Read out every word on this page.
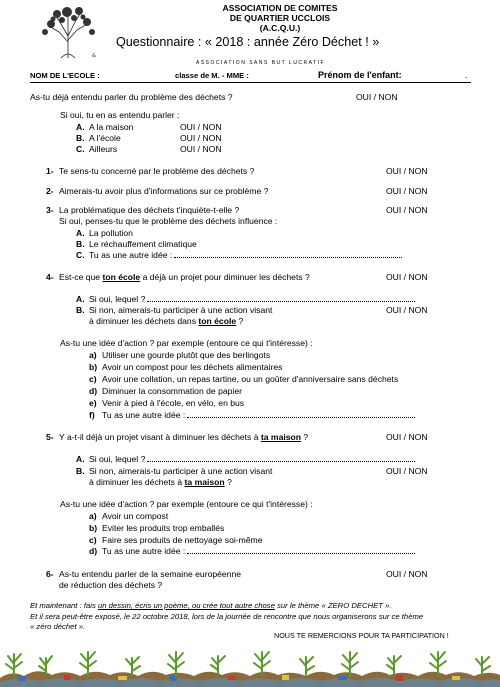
&
ASSOCIATION DE COMITES
DE QUARTIER UCCLOIS
(A.C.Q.U.)
Questionnaire : « 2018 : année Zéro Déchet ! »
ASSOCIATION SANS BUT LUCRATIF
NOM DE L'ECOLE :	classe de M. - MME :	Prénom de l'enfant:	.
As-tu déjà entendu parler du problème des déchets ?	OUI / NON
Si oui, tu en as entendu parler :
A. A la maison	OUI / NON
B. A l'école	OUI / NON
C. Ailleurs	OUI / NON
1- Te sens-tu concerné par le problème des déchets ?	OUI / NON
2- Aimerais-tu avoir plus d'informations sur ce problème ?	OUI / NON
3- La problématique des déchets t'inquiète-t-elle ?	OUI / NON
Si oui, penses-tu que le problème des déchets influence :
A. La pollution
B. Le réchauffement climatique
C. Tu as une autre idée :
4- Est-ce que ton école a déjà un projet pour diminuer les déchets ?	OUI / NON
A. Si oui, lequel ?
B. Si non, aimerais-tu participer à une action visant	OUI / NON
à diminuer les déchets dans ton école ?
As-tu une idée d'action ? par exemple (entoure ce qui t'intéresse) :
a) Utiliser une gourde plutôt que des berlingots
b) Avoir un compost pour les déchets alimentaires
c) Avoir une collation, un repas tartine, ou un goûter d'anniversaire sans déchets
d) Diminuer la consommation de papier
e) Venir à pied à l'école, en vélo, en bus
f) Tu as une autre idée :
5- Y a-t-il déjà un projet visant à diminuer les déchets à ta maison ?	OUI / NON
A. Si oui, lequel ?
B. Si non, aimerais-tu participer à une action visant	OUI / NON
à diminuer les déchets à ta maison ?
As-tu une idée d'action ? par exemple (entoure ce qui t'intéresse) :
a) Avoir un compost
b) Eviter les produits trop emballés
c) Faire ses produits de nettoyage soi-même
d) Tu as une autre idée :
6- As-tu entendu parler de la semaine européenne
de réduction des déchets ?
OUI / NON
Et maintenant : fais un dessin, écris un poème, ou crée tout autre chose sur le thème « ZERO DECHET ».
Et il sera peut-être exposé, le 22 octobre 2018, lors de la journée de rencontre que nous organiserons sur ce thème
« zéro déchet ».
NOUS TE REMERCIONS POUR TA PARTICIPATION !
